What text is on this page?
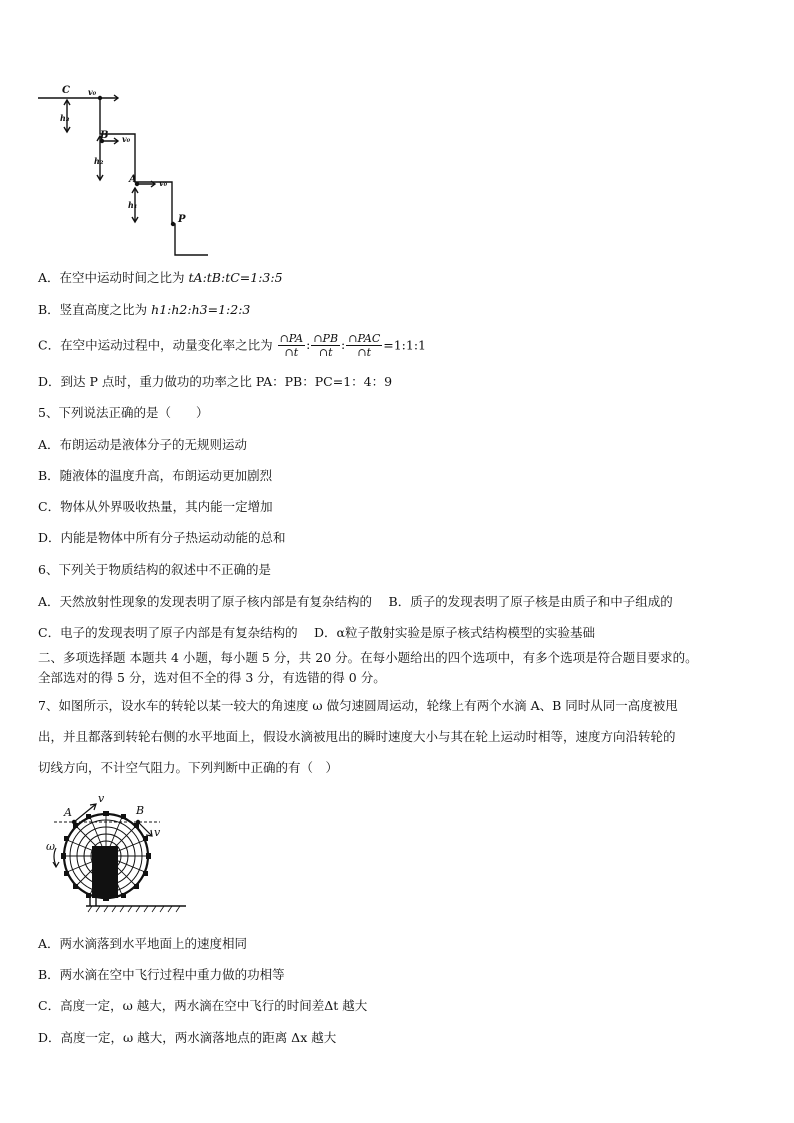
C v₀
B v₀
A	v₀
P
h₃
h₂
h₁
A．在空中运动时间之比为 tA:tB:tC=1:3:5
B．竖直高度之比为 h1:h2:h3=1:2:3
C．在空中运动过程中，动量变化率之比为 $\frac{\cap PA}{\cap t}$ : $\frac{\cap PB}{\cap t}$ : $\frac{\text{∩PAC}}{\cap t}$ =1:1:1
D．到达 P 点时，重力做功的功率之比 PA：PB：PC=1：4：9
5、下列说法正确的是（　　）
A．布朗运动是液体分子的无规则运动
B．随液体的温度升高，布朗运动更加剧烈
C．物体从外界吸收热量，其内能一定增加
D．内能是物体中所有分子热运动动能的总和
6、下列关于物质结构的叙述中不正确的是
A．天然放射性现象的发现表明了原子核内部是有复杂结构的　 B．质子的发现表明了原子核是由质子和中子组成的
C．电子的发现表明了原子内部是有复杂结构的　 D．α粒子散射实验是原子核式结构模型的实验基础
二、多项选择题 本题共 4 小题，每小题 5 分，共 20 分。在每小题给出的四个选项中，有多个选项是符合题目要求的。
全部选对的得 5 分，选对但不全的得 3 分，有选错的得 0 分。
7、如图所示，设水车的转轮以某一较大的角速度 ω 做匀速圆周运动，轮缘上有两个水滴 A、B 同时从同一高度被甩
出，并且都落到转轮右侧的水平地面上，假设水滴被甩出的瞬时速度大小与其在轮上运动时相等，速度方向沿转轮的
切线方向，不计空气阻力。下列判断中正确的有（　）
A
v
B
v
ω
A．两水滴落到水平地面上的速度相同
B．两水滴在空中飞行过程中重力做的功相等
C．高度一定，ω 越大，两水滴在空中飞行的时间差Δt 越大
D．高度一定，ω 越大，两水滴落地点的距离 Δx 越大
